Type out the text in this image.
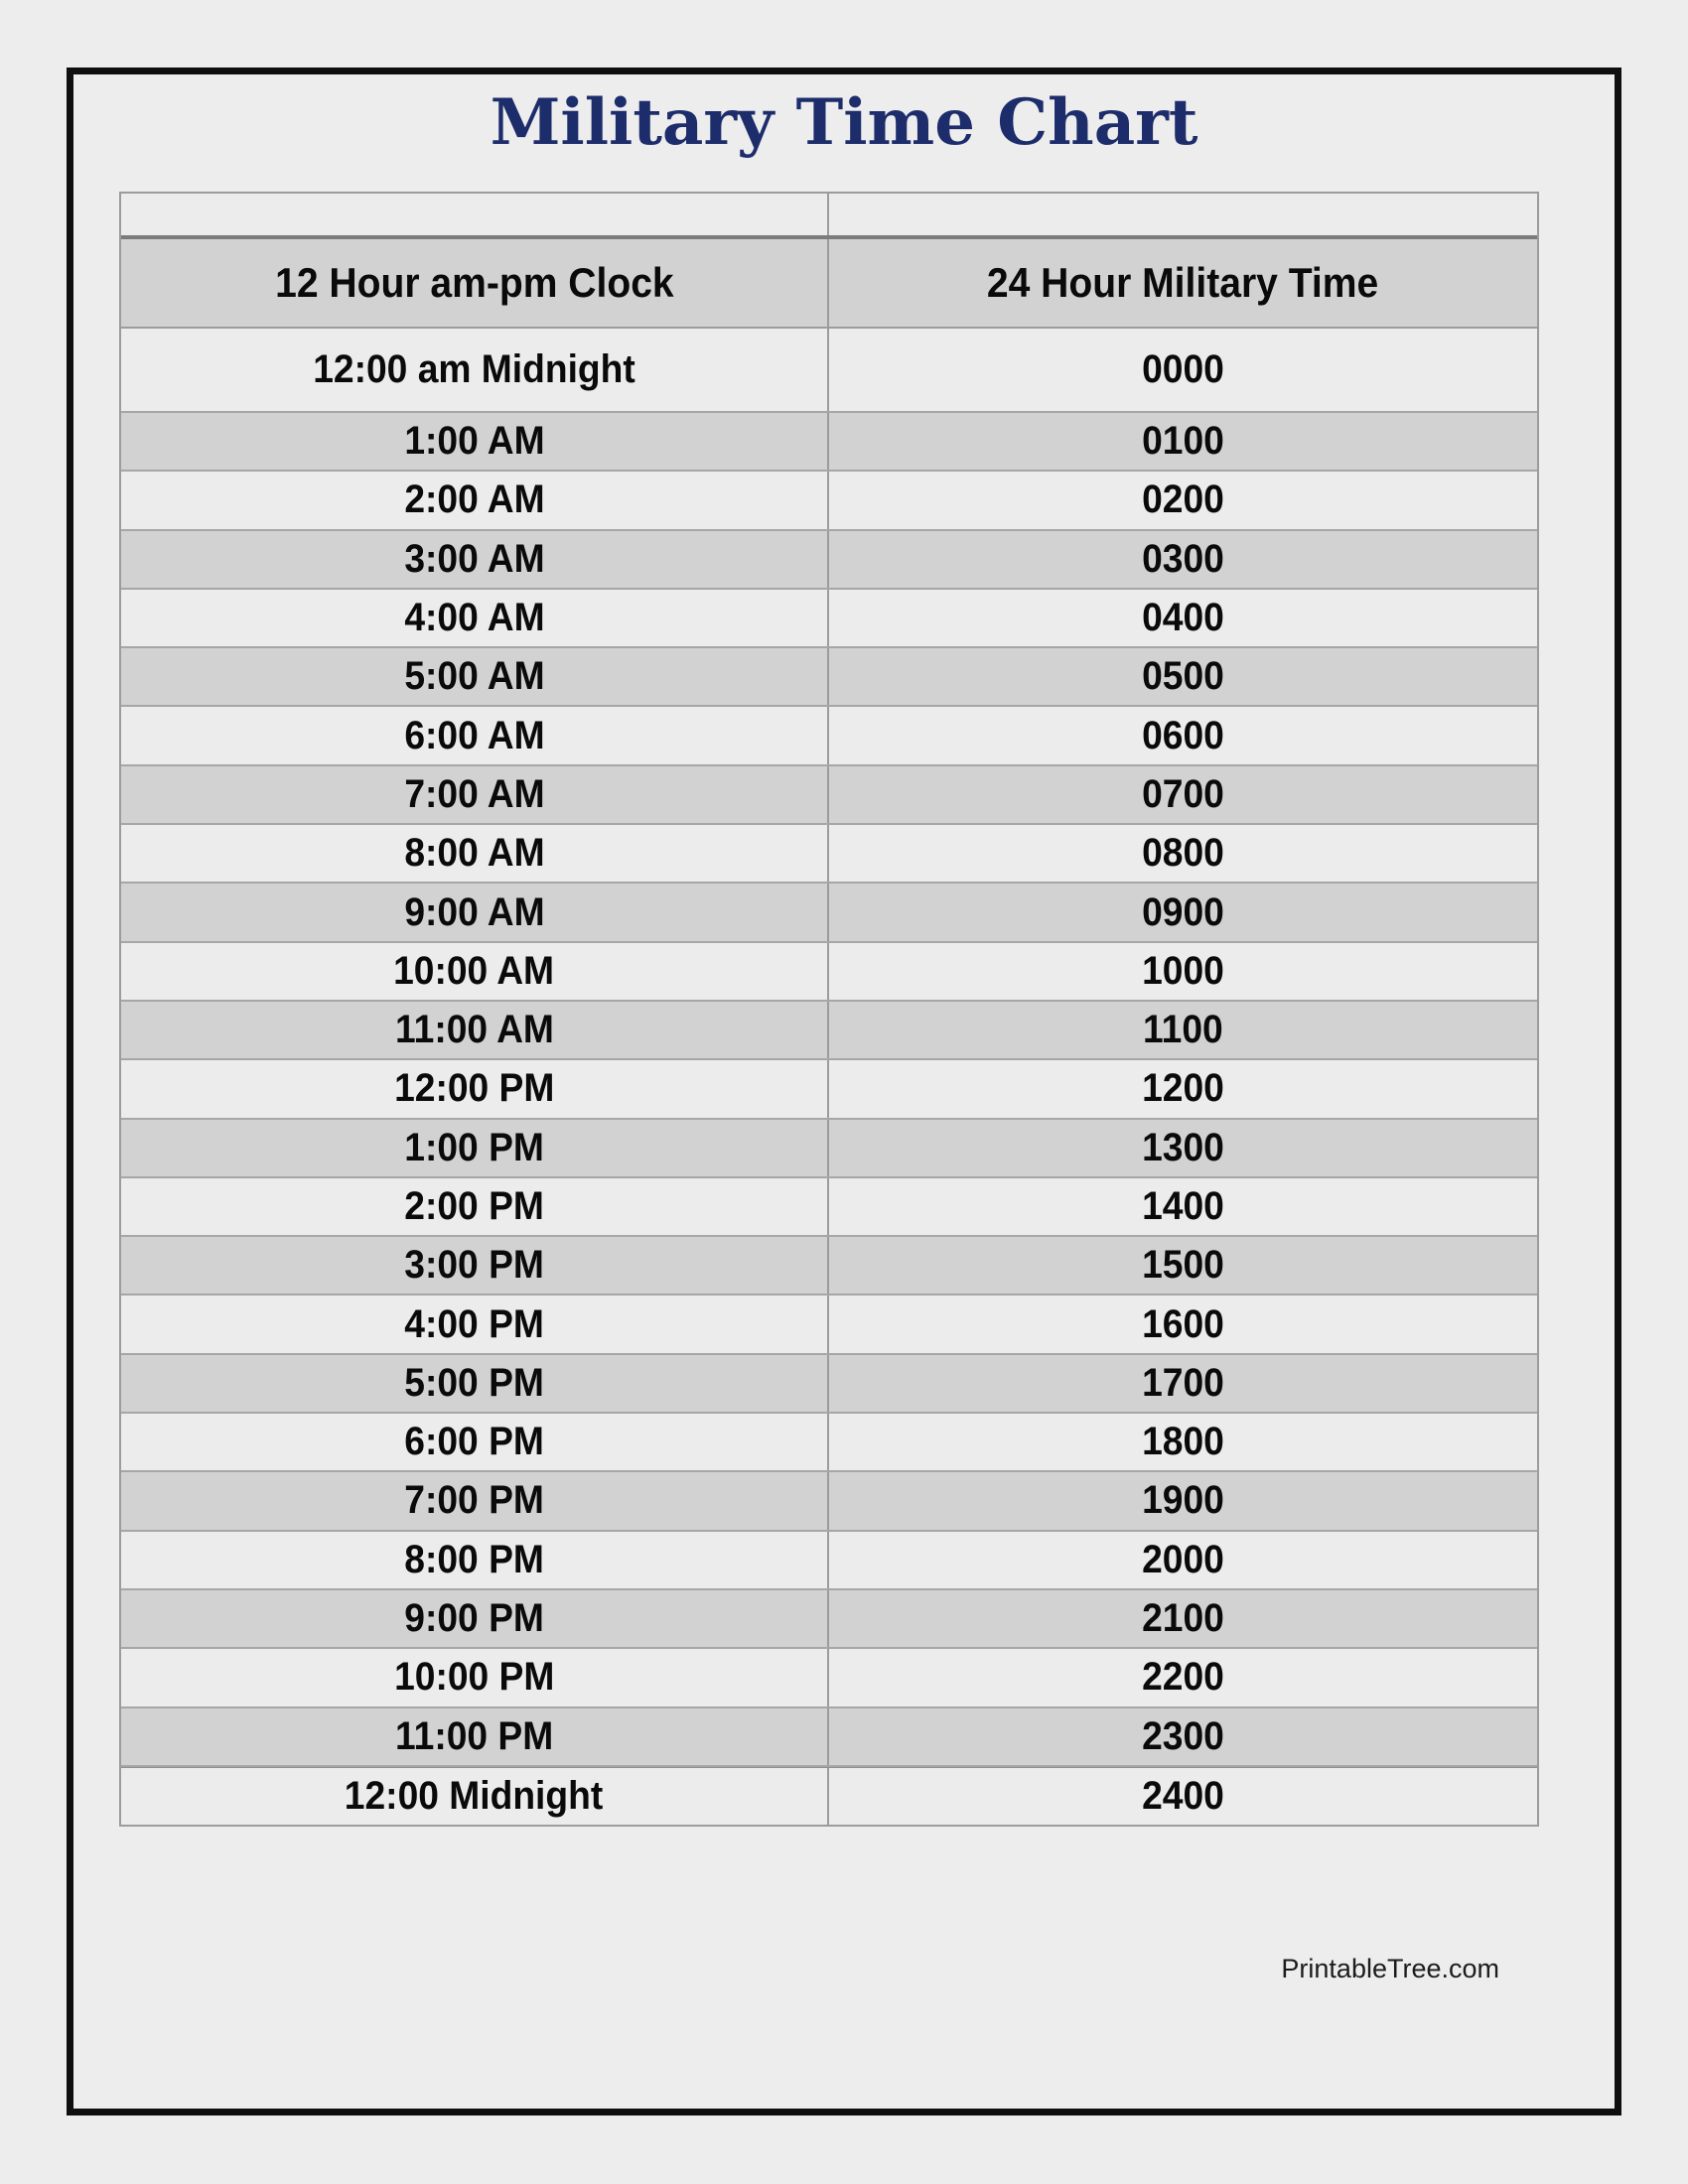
Military Time Chart
12 Hour am-pm Clock	24 Hour Military Time
12:00 am Midnight	0000
1:00 AM	0100
2:00 AM	0200
3:00 AM	0300
4:00 AM	0400
5:00 AM	0500
6:00 AM	0600
7:00 AM	0700
8:00 AM	0800
9:00 AM	0900
10:00 AM	1000
11:00 AM	1100
12:00 PM	1200
1:00 PM	1300
2:00 PM	1400
3:00 PM	1500
4:00 PM	1600
5:00 PM	1700
6:00 PM	1800
7:00 PM	1900
8:00 PM	2000
9:00 PM	2100
10:00 PM	2200
11:00 PM	2300
12:00 Midnight	2400
PrintableTree.com
